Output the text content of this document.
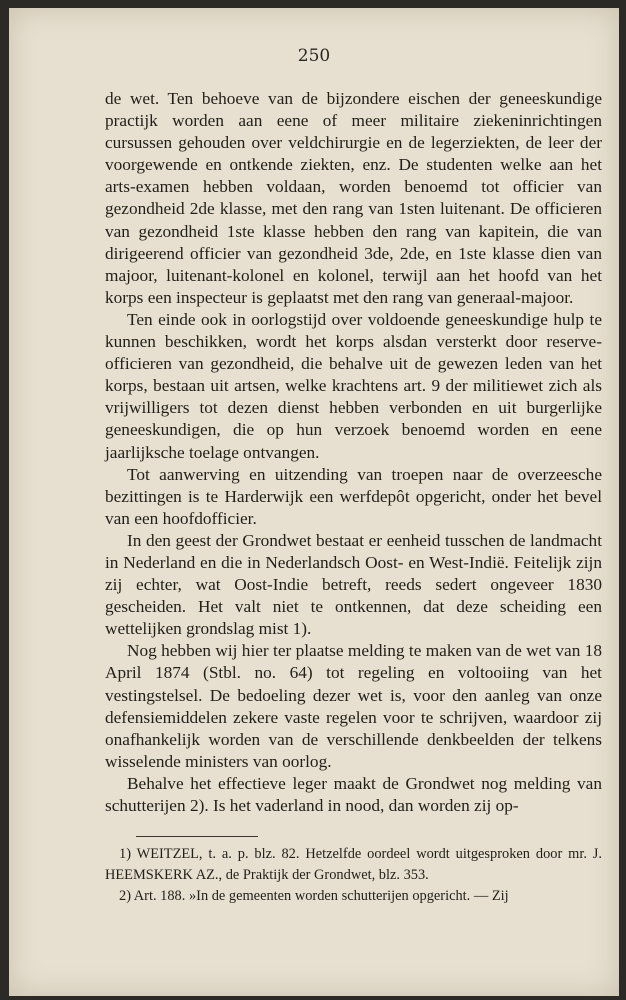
250

de wet. Ten behoeve van de bijzondere eischen der geneeskundige practijk worden aan eene of meer militaire ziekeninrichtingen cursussen gehouden over veldchirurgie en de legerziekten, de leer der voorgewende en ontkende ziekten, enz. De studenten welke aan het arts-examen hebben voldaan, worden benoemd tot officier van gezondheid 2de klasse, met den rang van 1sten luitenant. De officieren van gezondheid 1ste klasse hebben den rang van kapitein, die van dirigeerend officier van gezondheid 3de, 2de, en 1ste klasse dien van majoor, luitenant-kolonel en kolonel, terwijl aan het hoofd van het korps een inspecteur is geplaatst met den rang van generaal-majoor.

Ten einde ook in oorlogstijd over voldoende geneeskundige hulp te kunnen beschikken, wordt het korps alsdan versterkt door reserve-officieren van gezondheid, die behalve uit de gewezen leden van het korps, bestaan uit artsen, welke krachtens art. 9 der militiewet zich als vrijwilligers tot dezen dienst hebben verbonden en uit burgerlijke geneeskundigen, die op hun verzoek benoemd worden en eene jaarlijksche toelage ontvangen.

Tot aanwerving en uitzending van troepen naar de overzeesche bezittingen is te Harderwijk een werfdepôt opgericht, onder het bevel van een hoofdofficier.

In den geest der Grondwet bestaat er eenheid tusschen de landmacht in Nederland en die in Nederlandsch Oost- en West-Indië. Feitelijk zijn zij echter, wat Oost-Indie betreft, reeds sedert ongeveer 1830 gescheiden. Het valt niet te ontkennen, dat deze scheiding een wettelijken grondslag mist 1).

Nog hebben wij hier ter plaatse melding te maken van de wet van 18 April 1874 (Stbl. no. 64) tot regeling en voltooiing van het vestingstelsel. De bedoeling dezer wet is, voor den aanleg van onze defensiemiddelen zekere vaste regelen voor te schrijven, waardoor zij onafhankelijk worden van de verschillende denkbeelden der telkens wisselende ministers van oorlog.

Behalve het effectieve leger maakt de Grondwet nog melding van schutterijen 2). Is het vaderland in nood, dan worden zij op-

1) WEITZEL, t. a. p. blz. 82. Hetzelfde oordeel wordt uitgesproken door mr. J. HEEMSKERK AZ., de Praktijk der Grondwet, blz. 353.

2) Art. 188. »In de gemeenten worden schutterijen opgericht. — Zij
